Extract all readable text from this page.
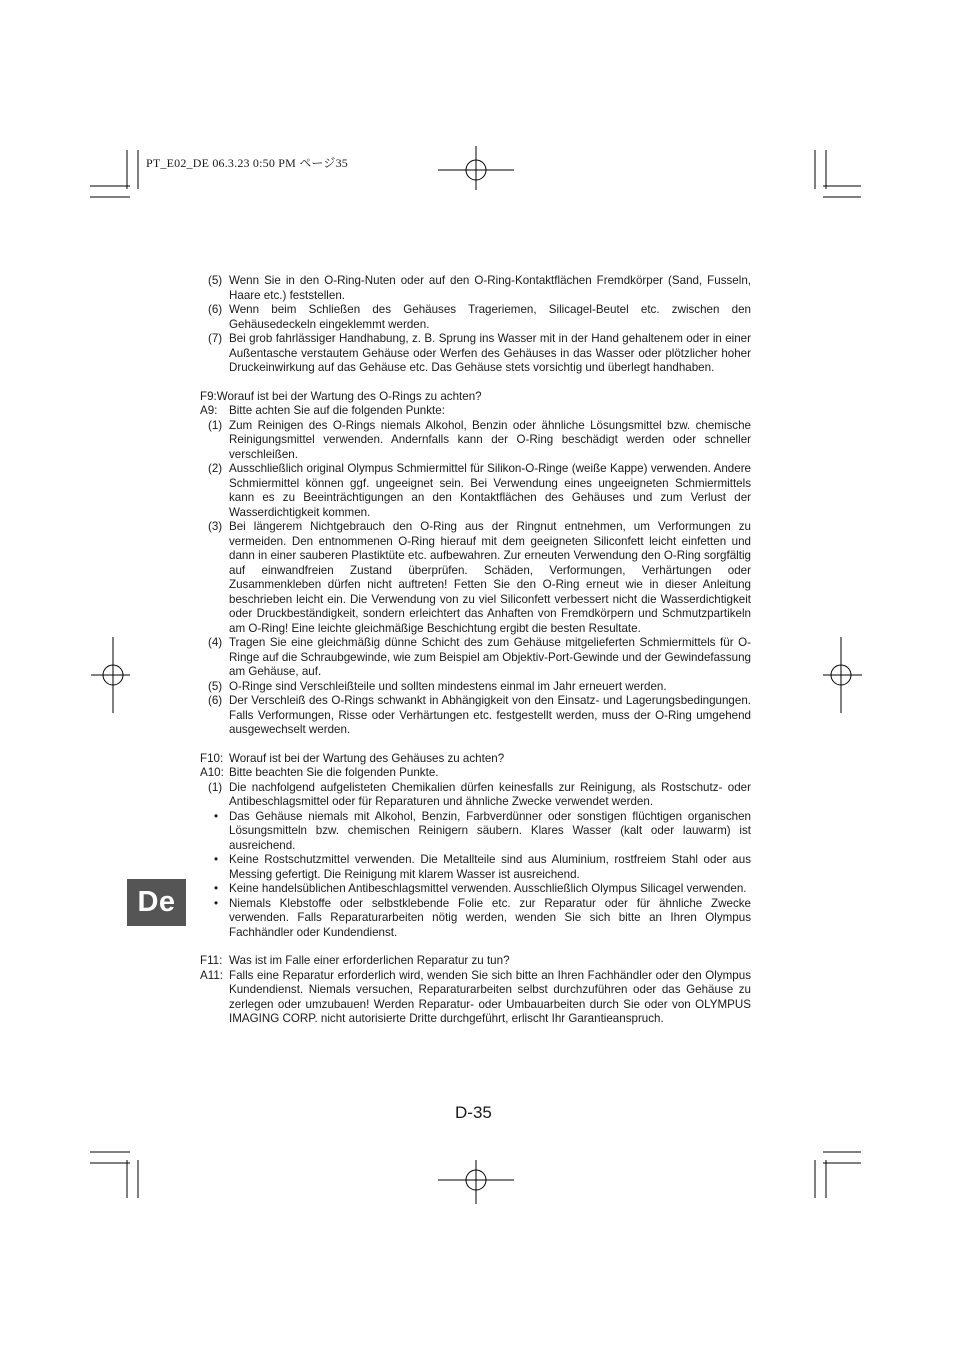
PT_E02_DE 06.3.23 0:50 PM ページ35
(5) Wenn Sie in den O-Ring-Nuten oder auf den O-Ring-Kontaktflächen Fremdkörper (Sand, Fusseln, Haare etc.) feststellen.
(6) Wenn beim Schließen des Gehäuses Trageriemen, Silicagel-Beutel etc. zwischen den Gehäusedeckeln eingeklemmt werden.
(7) Bei grob fahrlässiger Handhabung, z. B. Sprung ins Wasser mit in der Hand gehaltenem oder in einer Außentasche verstautem Gehäuse oder Werfen des Gehäuses in das Wasser oder plötzlicher hoher Druckeinwirkung auf das Gehäuse etc. Das Gehäuse stets vorsichtig und überlegt handhaben.
F9:Worauf ist bei der Wartung des O-Rings zu achten?
A9: Bitte achten Sie auf die folgenden Punkte:
(1) Zum Reinigen des O-Rings niemals Alkohol, Benzin oder ähnliche Lösungsmittel bzw. chemische Reinigungsmittel verwenden. Andernfalls kann der O-Ring beschädigt werden oder schneller verschleißen.
(2) Ausschließlich original Olympus Schmiermittel für Silikon-O-Ringe (weiße Kappe) verwenden. Andere Schmiermittel können ggf. ungeeignet sein. Bei Verwendung eines ungeeigneten Schmiermittels kann es zu Beeinträchtigungen an den Kontaktflächen des Gehäuses und zum Verlust der Wasserdichtigkeit kommen.
(3) Bei längerem Nichtgebrauch den O-Ring aus der Ringnut entnehmen, um Verformungen zu vermeiden. Den entnommenen O-Ring hierauf mit dem geeigneten Siliconfett leicht einfetten und dann in einer sauberen Plastiktüte etc. aufbewahren. Zur erneuten Verwendung den O-Ring sorgfältig auf einwandfreien Zustand überprüfen. Schäden, Verformungen, Verhärtungen oder Zusammenkleben dürfen nicht auftreten! Fetten Sie den O-Ring erneut wie in dieser Anleitung beschrieben leicht ein. Die Verwendung von zu viel Siliconfett verbessert nicht die Wasserdichtigkeit oder Druckbeständigkeit, sondern erleichtert das Anhaften von Fremdkörpern und Schmutzpartikeln am O-Ring! Eine leichte gleichmäßige Beschichtung ergibt die besten Resultate.
(4) Tragen Sie eine gleichmäßig dünne Schicht des zum Gehäuse mitgelieferten Schmiermittels für O-Ringe auf die Schraubgewinde, wie zum Beispiel am Objektiv-Port-Gewinde und der Gewindefassung am Gehäuse, auf.
(5) O-Ringe sind Verschleißteile und sollten mindestens einmal im Jahr erneuert werden.
(6) Der Verschleiß des O-Rings schwankt in Abhängigkeit von den Einsatz- und Lagerungsbedingungen. Falls Verformungen, Risse oder Verhärtungen etc. festgestellt werden, muss der O-Ring umgehend ausgewechselt werden.
F10: Worauf ist bei der Wartung des Gehäuses zu achten?
A10: Bitte beachten Sie die folgenden Punkte.
(1) Die nachfolgend aufgelisteten Chemikalien dürfen keinesfalls zur Reinigung, als Rostschutz- oder Antibeschlagsmittel oder für Reparaturen und ähnliche Zwecke verwendet werden.
• Das Gehäuse niemals mit Alkohol, Benzin, Farbverdünner oder sonstigen flüchtigen organischen Lösungsmitteln bzw. chemischen Reinigern säubern. Klares Wasser (kalt oder lauwarm) ist ausreichend.
• Keine Rostschutzmittel verwenden. Die Metallteile sind aus Aluminium, rostfreiem Stahl oder aus Messing gefertigt. Die Reinigung mit klarem Wasser ist ausreichend.
• Keine handelsüblichen Antibeschlagsmittel verwenden. Ausschließlich Olympus Silicagel verwenden.
• Niemals Klebstoffe oder selbstklebende Folie etc. zur Reparatur oder für ähnliche Zwecke verwenden. Falls Reparaturarbeiten nötig werden, wenden Sie sich bitte an Ihren Olympus Fachhändler oder Kundendienst.
F11: Was ist im Falle einer erforderlichen Reparatur zu tun?
A11: Falls eine Reparatur erforderlich wird, wenden Sie sich bitte an Ihren Fachhändler oder den Olympus Kundendienst. Niemals versuchen, Reparaturarbeiten selbst durchzuführen oder das Gehäuse zu zerlegen oder umzubauen! Werden Reparatur- oder Umbauarbeiten durch Sie oder von OLYMPUS IMAGING CORP. nicht autorisierte Dritte durchgeführt, erlischt Ihr Garantieanspruch.
De
D-35
